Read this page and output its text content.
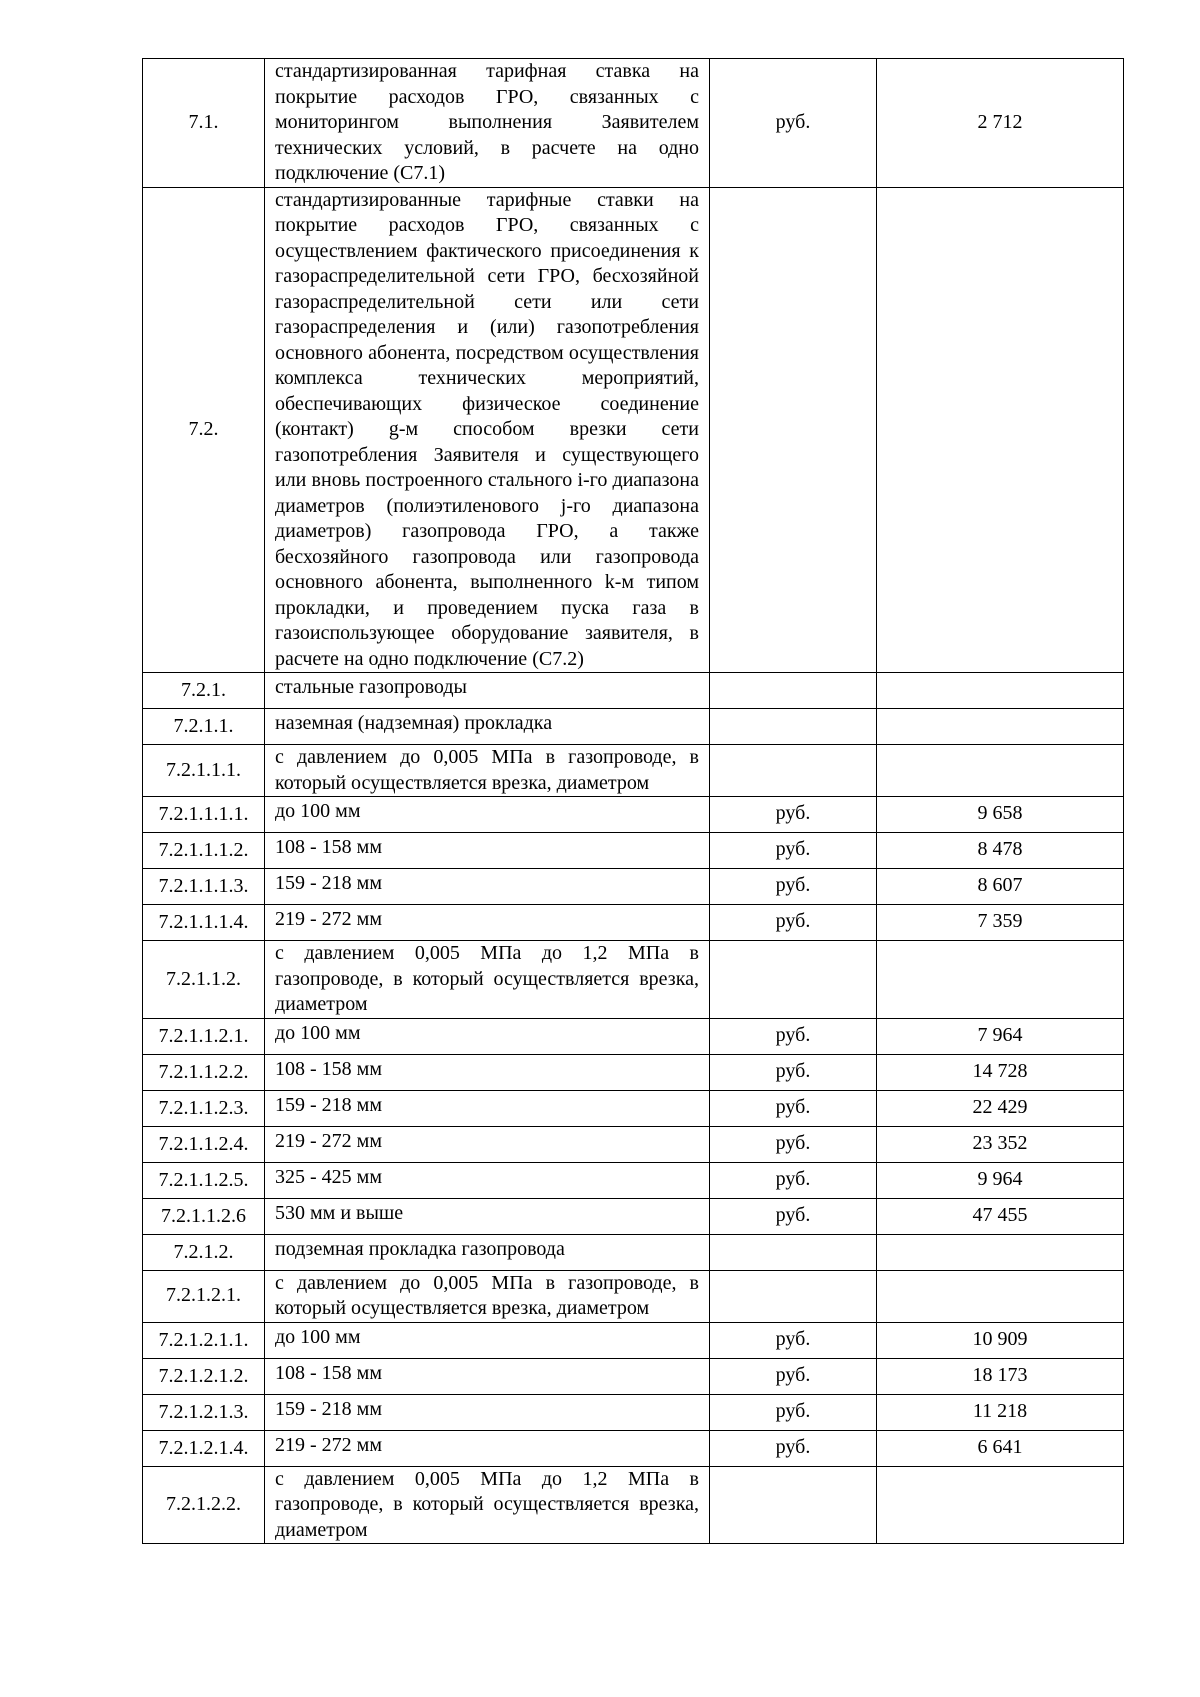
7.1.	стандартизированная тарифная ставка на покрытие расходов ГРО, связанных с мониторингом выполнения Заявителем технических условий, в расчете на одно подключение (С7.1)	руб.	2 712
7.2.	стандартизированные тарифные ставки на покрытие расходов ГРО, связанных с осуществлением фактического присоединения к газораспределительной сети ГРО, бесхозяйной газораспределительной сети или сети газораспределения и (или) газопотребления основного абонента, посредством осуществления комплекса технических мероприятий, обеспечивающих физическое соединение (контакт) g-м способом врезки сети газопотребления Заявителя и существующего или вновь построенного стального i-го диапазона диаметров (полиэтиленового j-го диапазона диаметров) газопровода ГРО, а также бесхозяйного газопровода или газопровода основного абонента, выполненного k-м типом прокладки, и проведением пуска газа в газоиспользующее оборудование заявителя, в расчете на одно подключение (С7.2)		
7.2.1.	стальные газопроводы		
7.2.1.1.	наземная (надземная) прокладка		
7.2.1.1.1.	с давлением до 0,005 МПа в газопроводе, в который осуществляется врезка, диаметром		
7.2.1.1.1.1.	до 100 мм	руб.	9 658
7.2.1.1.1.2.	108 - 158 мм	руб.	8 478
7.2.1.1.1.3.	159 - 218 мм	руб.	8 607
7.2.1.1.1.4.	219 - 272 мм	руб.	7 359
7.2.1.1.2.	с давлением 0,005 МПа до 1,2 МПа в газопроводе, в который осуществляется врезка, диаметром		
7.2.1.1.2.1.	до 100 мм	руб.	7 964
7.2.1.1.2.2.	108 - 158 мм	руб.	14 728
7.2.1.1.2.3.	159 - 218 мм	руб.	22 429
7.2.1.1.2.4.	219 - 272 мм	руб.	23 352
7.2.1.1.2.5.	325 - 425 мм	руб.	9 964
7.2.1.1.2.6	530 мм и выше	руб.	47 455
7.2.1.2.	подземная прокладка газопровода		
7.2.1.2.1.	с давлением до 0,005 МПа в газопроводе, в который осуществляется врезка, диаметром		
7.2.1.2.1.1.	до 100 мм	руб.	10 909
7.2.1.2.1.2.	108 - 158 мм	руб.	18 173
7.2.1.2.1.3.	159 - 218 мм	руб.	11 218
7.2.1.2.1.4.	219 - 272 мм	руб.	6 641
7.2.1.2.2.	с давлением 0,005 МПа до 1,2 МПа в газопроводе, в который осуществляется врезка, диаметром		
